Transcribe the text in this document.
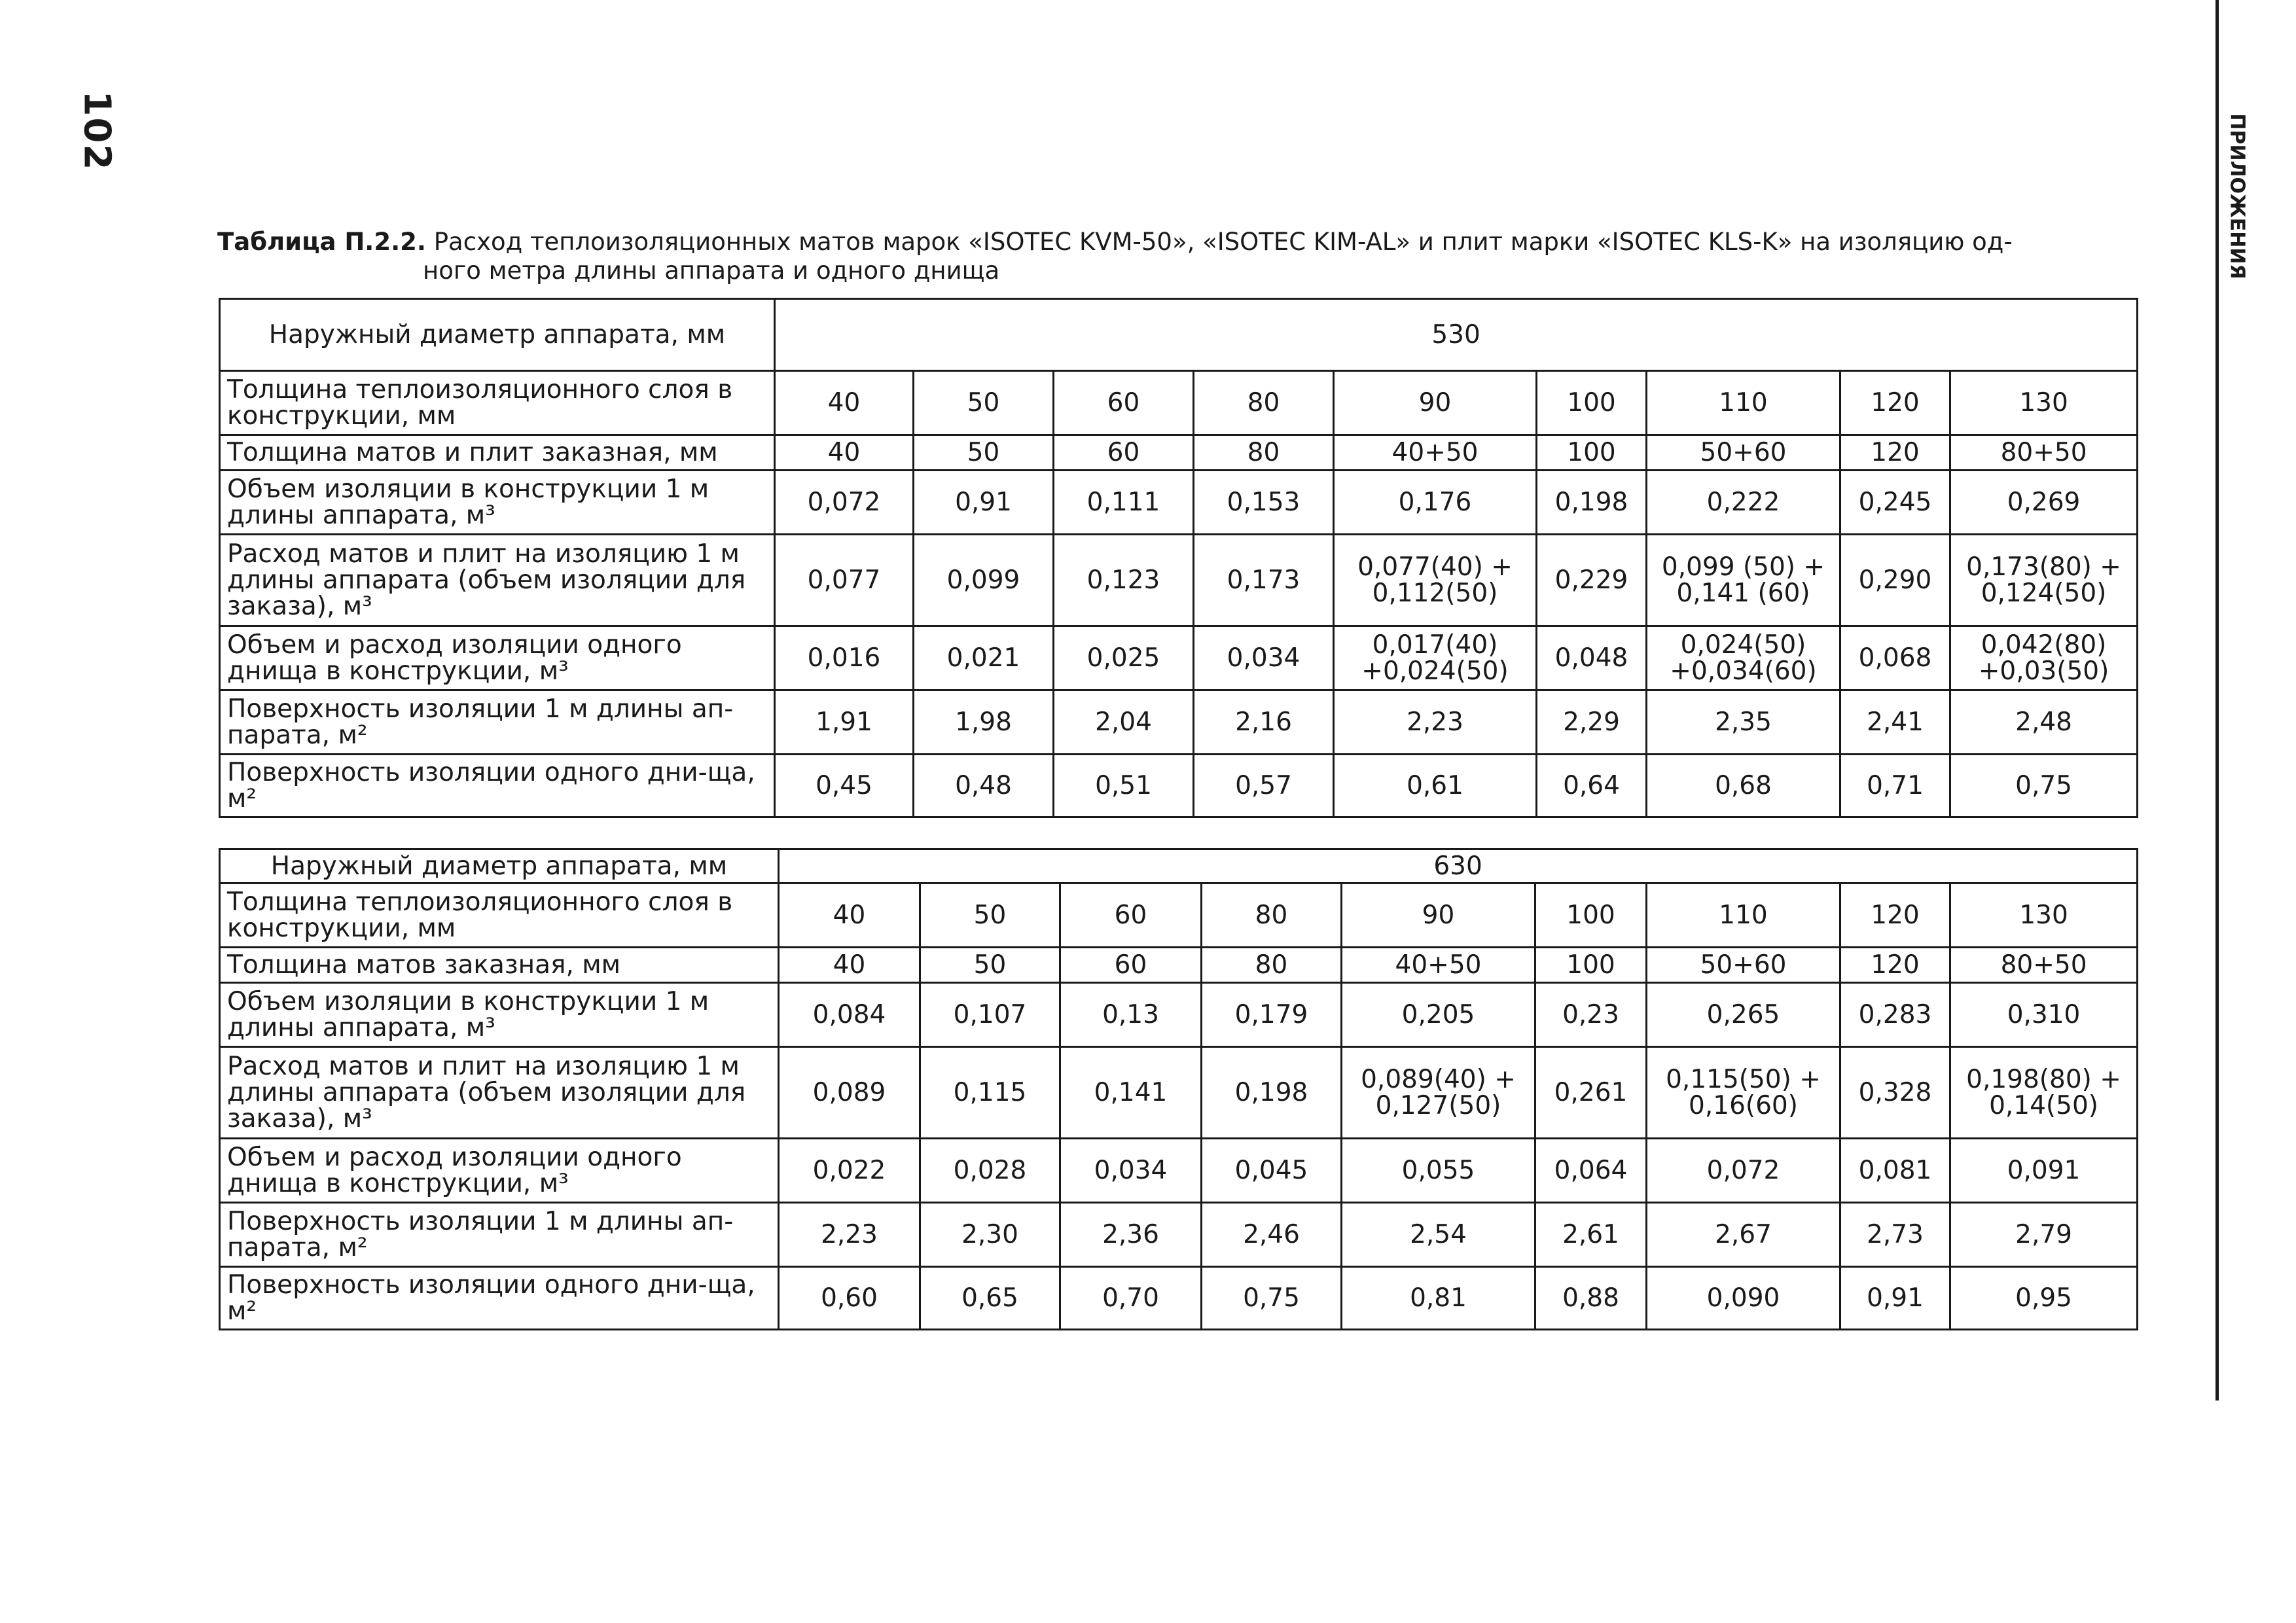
102	ПРИЛОЖЕНИЯ
Таблица П.2.2. Расход теплоизоляционных матов марок «ISOTEC KVM-50», «ISOTEC KIM-AL» и плит марки «ISOTEC KLS-K» на изоляцию од-
ного метра длины аппарата и одного днища
Наружный диаметр аппарата, мм	530								
Толщина теплоизоляционного слоя в конструкции, мм	40	50	60	80	90	100	110	120	130
Толщина матов и плит заказная, мм	40	50	60	80	40+50	100	50+60	120	80+50
Объем изоляции в конструкции 1 м длины аппарата, м³	0,072	0,91	0,111	0,153	0,176	0,198	0,222	0,245	0,269
Расход матов и плит на изоляцию 1 м длины аппарата (объем изоляции для заказа), м³	0,077	0,099	0,123	0,173	0,077(40) + 0,112(50)	0,229	0,099 (50) + 0,141 (60)	0,290	0,173(80) + 0,124(50)
Объем и расход изоляции одного днища в конструкции, м³	0,016	0,021	0,025	0,034	0,017(40) +0,024(50)	0,048	0,024(50) +0,034(60)	0,068	0,042(80) +0,03(50)
Поверхность изоляции 1 м длины ап-парата, м²	1,91	1,98	2,04	2,16	2,23	2,29	2,35	2,41	2,48
Поверхность изоляции одного дни-ща, м²	0,45	0,48	0,51	0,57	0,61	0,64	0,68	0,71	0,75
Наружный диаметр аппарата, мм	630								
Толщина теплоизоляционного слоя в конструкции, мм	40	50	60	80	90	100	110	120	130
Толщина матов заказная, мм	40	50	60	80	40+50	100	50+60	120	80+50
Объем изоляции в конструкции 1 м длины аппарата, м³	0,084	0,107	0,13	0,179	0,205	0,23	0,265	0,283	0,310
Расход матов и плит на изоляцию 1 м длины аппарата (объем изоляции для заказа), м³	0,089	0,115	0,141	0,198	0,089(40) + 0,127(50)	0,261	0,115(50) + 0,16(60)	0,328	0,198(80) + 0,14(50)
Объем и расход изоляции одного днища в конструкции, м³	0,022	0,028	0,034	0,045	0,055	0,064	0,072	0,081	0,091
Поверхность изоляции 1 м длины ап-парата, м²	2,23	2,30	2,36	2,46	2,54	2,61	2,67	2,73	2,79
Поверхность изоляции одного дни-ща, м²	0,60	0,65	0,70	0,75	0,81	0,88	0,090	0,91	0,95
